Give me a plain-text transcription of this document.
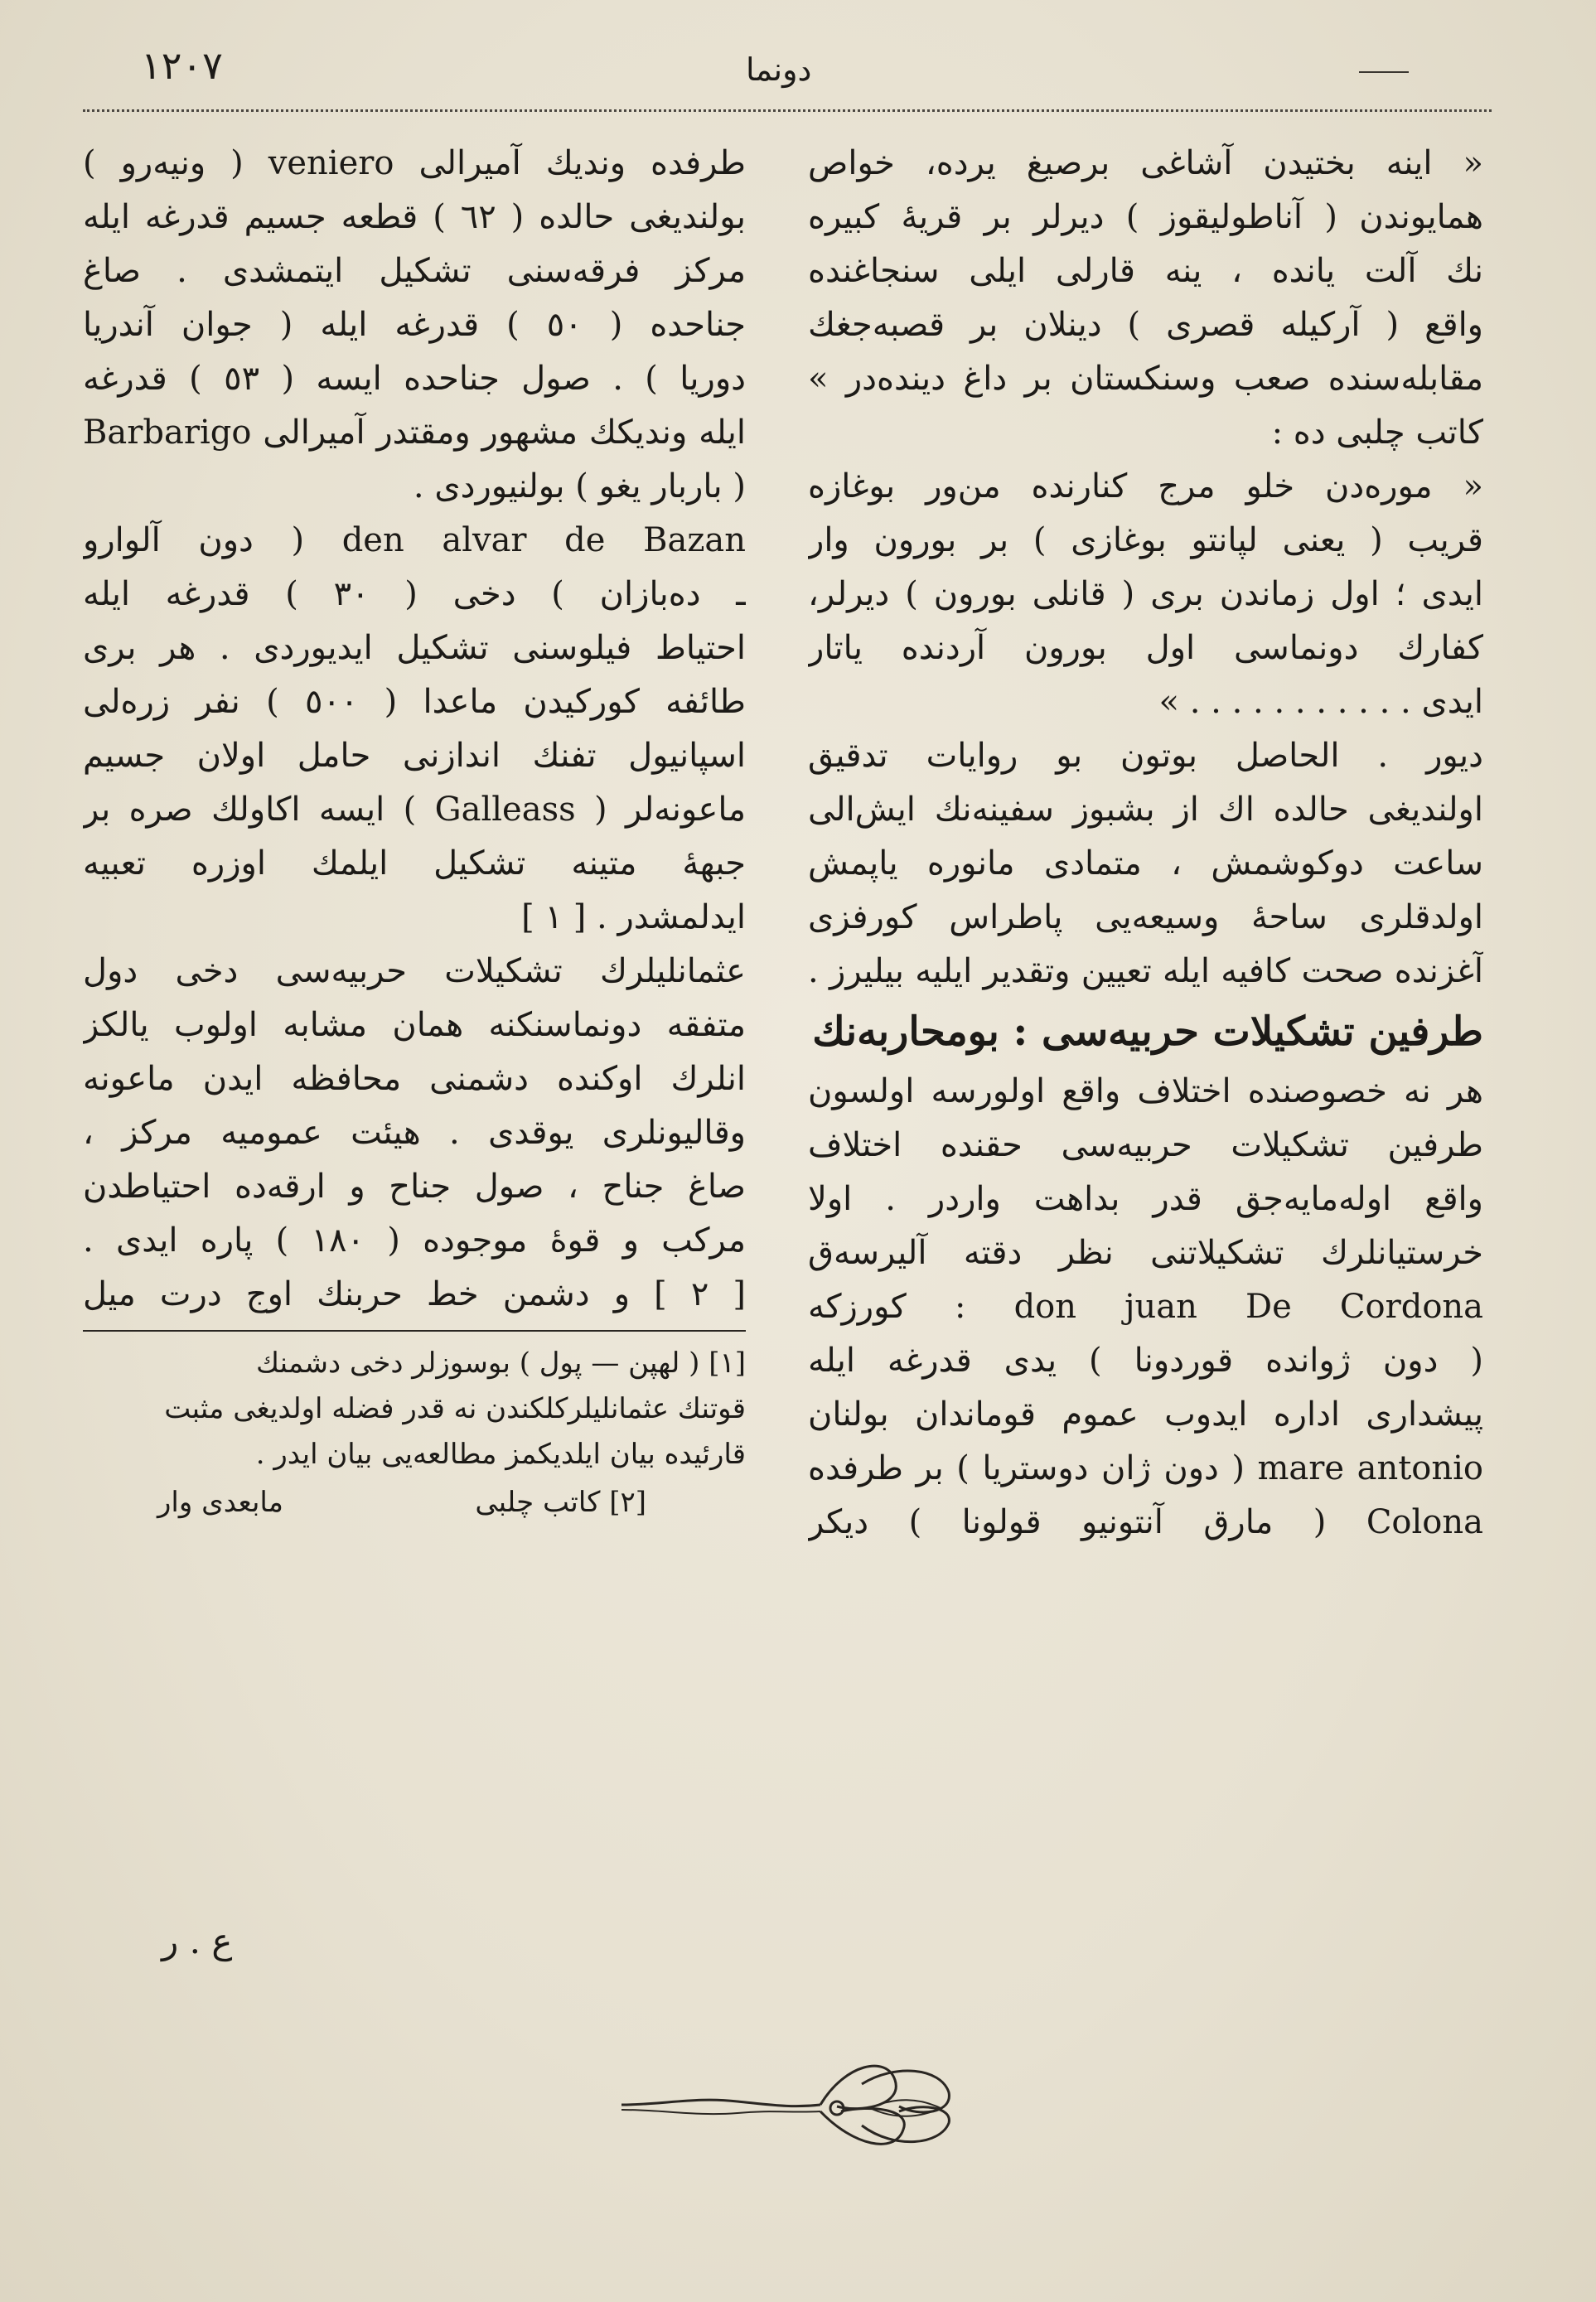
١٢٠٧	دونما
« اینه بختیدن آشاغی برصیغ یرده، خواص
همایوندن ( آناطولیقوز ) دیرلر بر قریهٔ کبیره
نك آلت یانده ، ینه قارلی ایلی سنجاغنده
واقع ( آرکیله قصری ) دینلان بر قصبه‌جغك
مقابله‌سنده صعب وسنکستان بر داغ دینده‌در »
کاتب چلبی ده :
« موره‌دن خلو مرج کنارنده من‌ور بوغازه
قریب ( یعنی لپانتو بوغازی ) بر بورون وار
ایدی ؛ اول زماندن بری ( قانلی بورون ) دیرلر،
کفارك دونماسی اول بورون آردنده یاتار
ایدی . . . . . . . . . . . »
دیور . الحاصل بوتون بو روایات تدقیق
اولندیغی حالده اك از بشبوز سفینه‌نك ایش‌الی
ساعت دوکوشمش ، متمادی مانوره یاپمش
اولدقلری ساحهٔ وسیعه‌یی پاطراس کورفزی
آغزنده صحت کافیه ایله تعیین وتقدیر ایلیه بیلیرز .
طرفین تشکیلات حربیه‌سی : بومحاربه‌نك
هر نه خصوصنده اختلاف واقع اولورسه اولسون
طرفین تشکیلات حربیه‌سی حقنده اختلاف
واقع اوله‌مایه‌جق قدر بداهت واردر . اولا
خرستیانلرك تشکیلاتنی نظر دقته آلیرسه‌ق
don juan De Cordona : کورزکه
( دون ژوانده قوردونا ) یدی قدرغه ایله
پیشداری اداره ایدوب عموم قوماندان بولنان
mare antonio ( دون ژان دوستریا ) بر طرفده
Colona ( مارق آنتونیو قولونا ) دیکر
طرفده وندیك آمیرالی veniero ( ونیه‌رو )
بولندیغی حالده ( ٦٢ ) قطعه جسیم قدرغه ایله
مرکز فرقه‌سنی تشکیل ایتمشدی . صاغ
جناحده ( ٥٠ ) قدرغه ایله ( جوان آندریا
دوریا ) . صول جناحده ایسه ( ٥٣ ) قدرغه
ایله وندیکك مشهور ومقتدر آمیرالی Barbarigo
( باربار یغو ) بولنیوردی .
den alvar de Bazan ( دون آلوارو
ـ ده‌بازان ) دخی ( ٣٠ ) قدرغه ایله
احتیاط فیلوسنی تشکیل ایدیوردی . هر بری
طائفه کورکیدن ماعدا ( ٥٠٠ ) نفر زره‌لی
اسپانیول تفنك اندازنی حامل اولان جسیم
ماعونه‌لر ( Galleass ) ایسه اکاولك صره بر
جبههٔ متینه تشکیل ایلمك اوزره تعبیه
ایدلمشدر . [ ١ ]
عثمانلیلرك تشکیلات حربیه‌سی دخی دول
متفقه دونماسنکنه همان مشابه اولوب یالکز
انلرك اوکنده دشمنی محافظه ایدن ماعونه
وقالیونلری یوقدی . هیئت عمومیه مرکز ،
صاغ جناح ، صول جناح و ارقه‌ده احتیاطدن
مرکب و قوهٔ موجوده ( ١٨٠ ) پاره ایدی .
[ ٢ ] و دشمن خط حربنك اوج درت میل
[١] ( لهپن — پول ) بوسوزلر دخی دشمنك
قوتنك عثمانلیلرکلکندن نه قدر فضله اولدیغی مثبت
قارئیده بیان ایلدیکمز مطالعه‌یی بیان ایدر .
مابعدی وار	[٢] کاتب چلبی
ع . ر
